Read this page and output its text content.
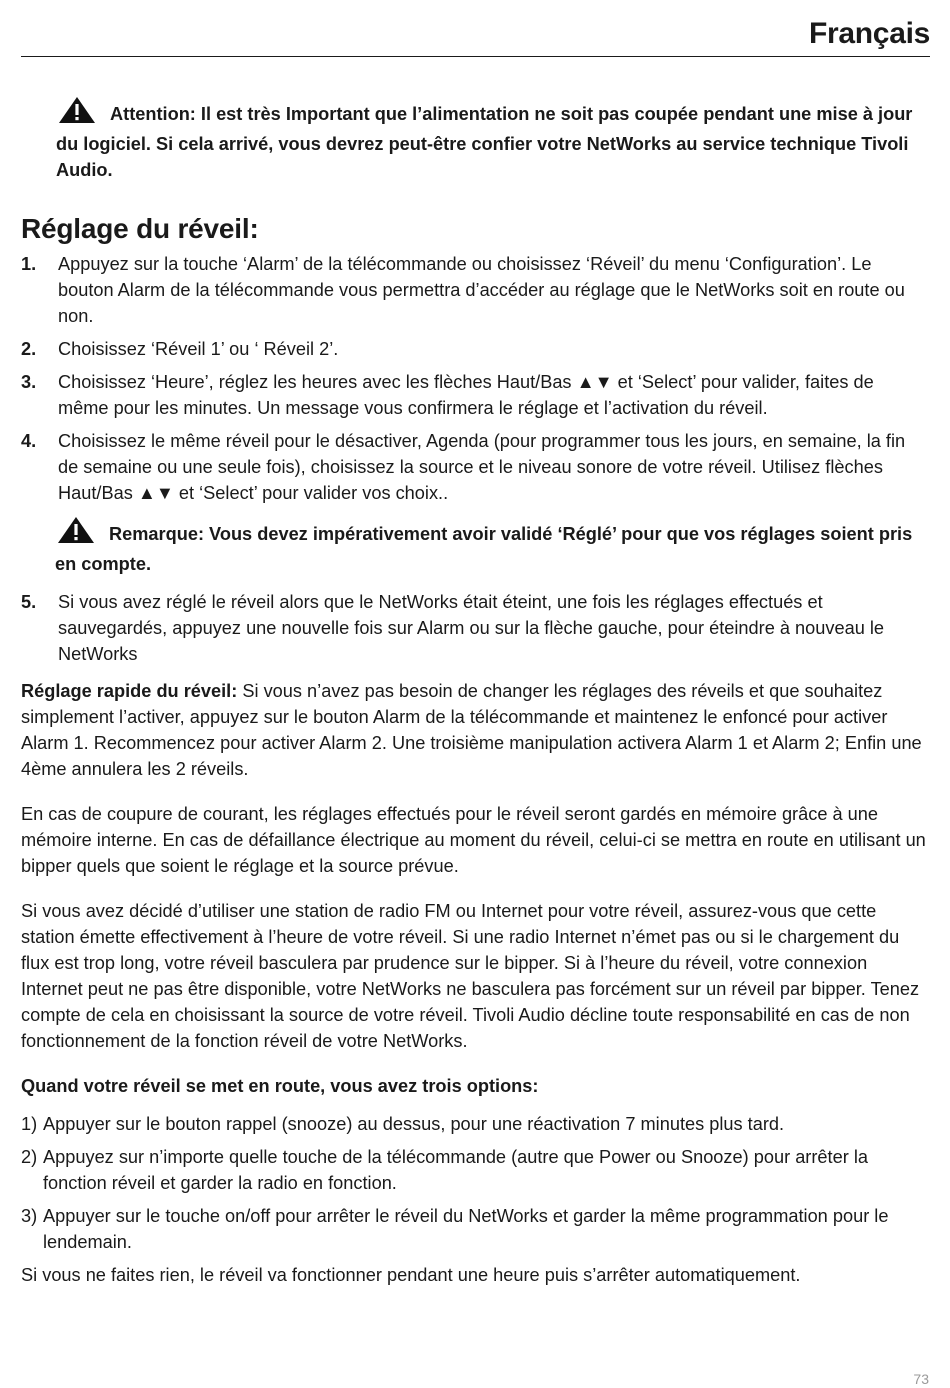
Français
Attention: Il est très Important que l’alimentation ne soit pas coupée pendant une mise à jour du logiciel. Si cela arrivé, vous devrez peut-être confier votre NetWorks au service technique Tivoli Audio.
Réglage du réveil:
1. Appuyez sur la touche ‘Alarm’ de la télécommande ou choisissez ‘Réveil’ du menu ‘Configuration’. Le bouton Alarm de la télécommande vous permettra d’accéder au réglage que le NetWorks soit en route ou non.
2. Choisissez ‘Réveil 1’ ou ‘ Réveil 2’.
3. Choisissez ‘Heure’, réglez les heures avec les flèches Haut/Bas ▲▼ et ‘Select’ pour valider, faites de même pour les minutes. Un message vous confirmera le réglage et l’activation du réveil.
4. Choisissez le même réveil pour le désactiver, Agenda (pour programmer tous les jours, en semaine, la fin de semaine ou une seule fois), choisissez la source et le niveau sonore de votre réveil. Utilisez flèches Haut/Bas ▲▼ et ‘Select’ pour valider vos choix..
Remarque: Vous devez impérativement avoir validé ‘Réglé’ pour que vos réglages soient pris en compte.
5. Si vous avez réglé le réveil alors que le NetWorks était éteint, une fois les réglages effectués et sauvegardés, appuyez une nouvelle fois sur Alarm ou sur la flèche gauche, pour éteindre à nouveau le NetWorks
Réglage rapide du réveil: Si vous n’avez pas besoin de changer les réglages des réveils et que souhaitez simplement l’activer, appuyez sur le bouton Alarm de la télécommande et maintenez le enfoncé pour activer Alarm 1. Recommencez pour activer Alarm 2. Une troisième manipulation activera Alarm 1 et Alarm 2; Enfin une 4ème annulera les 2 réveils.
En cas de coupure de courant, les réglages effectués pour le réveil seront gardés en mémoire grâce à une mémoire interne. En cas de défaillance électrique au moment du réveil, celui-ci se mettra en route en utilisant un bipper quels que soient le réglage et la source prévue.
Si vous avez décidé d’utiliser une station de radio FM ou Internet pour votre réveil, assurez-vous que cette station émette effectivement à l’heure de votre réveil. Si une radio Internet n’émet pas ou si le chargement du flux est trop long, votre réveil basculera par prudence sur le bipper. Si à l’heure du réveil, votre connexion Internet peut ne pas être disponible, votre NetWorks ne basculera pas forcément sur un réveil par bipper. Tenez compte de cela en choisissant la source de votre réveil. Tivoli Audio décline toute responsabilité en cas de non fonctionnement de la fonction réveil de votre NetWorks.
Quand votre réveil se met en route, vous avez trois options:
1) Appuyer sur le bouton rappel (snooze) au dessus, pour une réactivation 7 minutes plus tard.
2) Appuyez sur n’importe quelle touche de la télécommande (autre que Power ou Snooze) pour arrêter la fonction réveil et garder la radio en fonction.
3) Appuyer sur le touche on/off pour arrêter le réveil du NetWorks et garder la même programmation pour le lendemain.
Si vous ne faites rien, le réveil va fonctionner pendant une heure puis s’arrêter automatiquement.
73
